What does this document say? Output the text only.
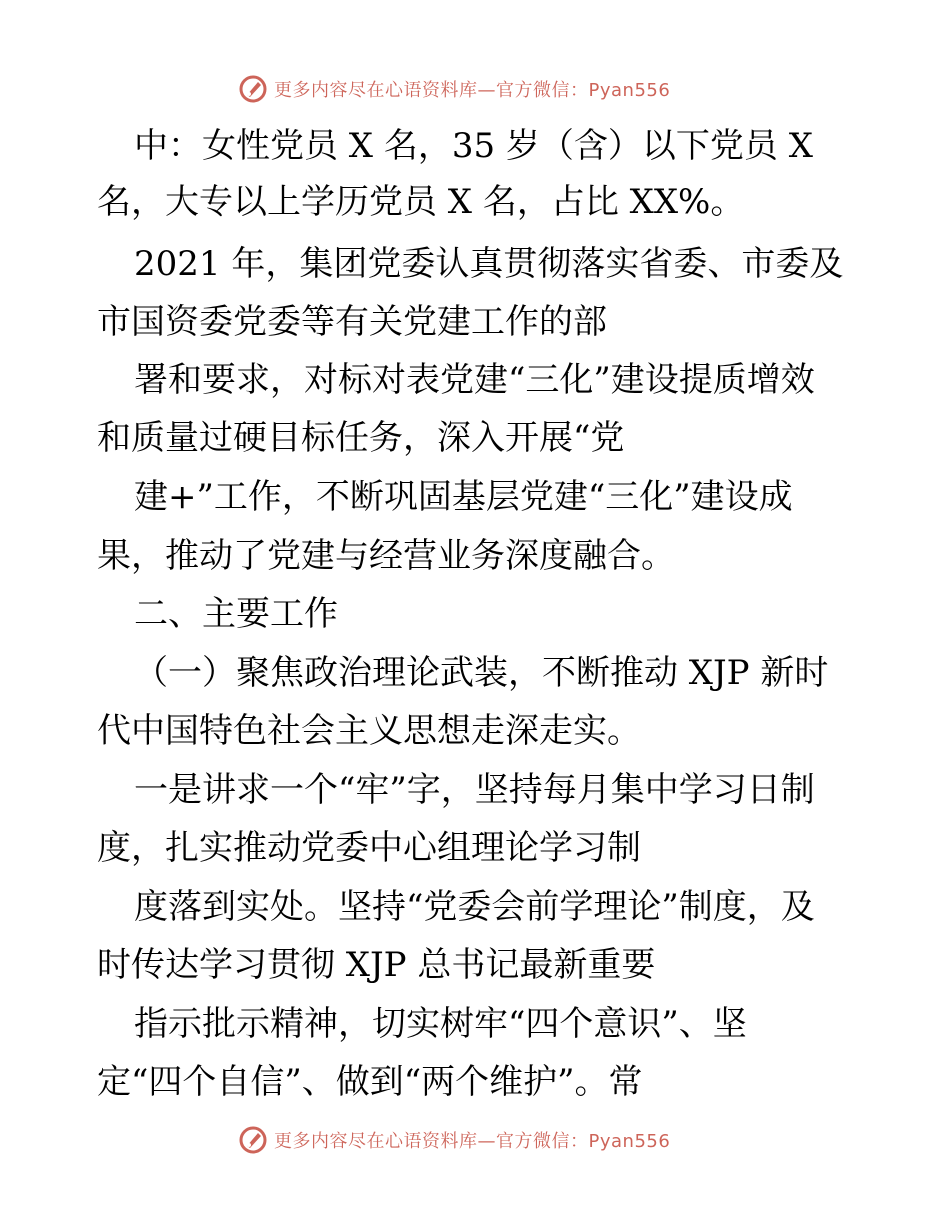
更多内容尽在心语资料库—官方微信：Pyan556
中：女性党员 X 名，35 岁（含）以下党员 X
名，大专以上学历党员 X 名，占比 XX%。
2021 年，集团党委认真贯彻落实省委、市委及
市国资委党委等有关党建工作的部
署和要求，对标对表党建“三化”建设提质增效
和质量过硬目标任务，深入开展“党
建+”工作，不断巩固基层党建“三化”建设成
果，推动了党建与经营业务深度融合。
二、主要工作
（一）聚焦政治理论武装，不断推动 XJP 新时
代中国特色社会主义思想走深走实。
一是讲求一个“牢”字，坚持每月集中学习日制
度，扎实推动党委中心组理论学习制
度落到实处。坚持“党委会前学理论”制度，及
时传达学习贯彻 XJP 总书记最新重要
指示批示精神，切实树牢“四个意识”、坚
定“四个自信”、做到“两个维护”。常
更多内容尽在心语资料库—官方微信：Pyan556
